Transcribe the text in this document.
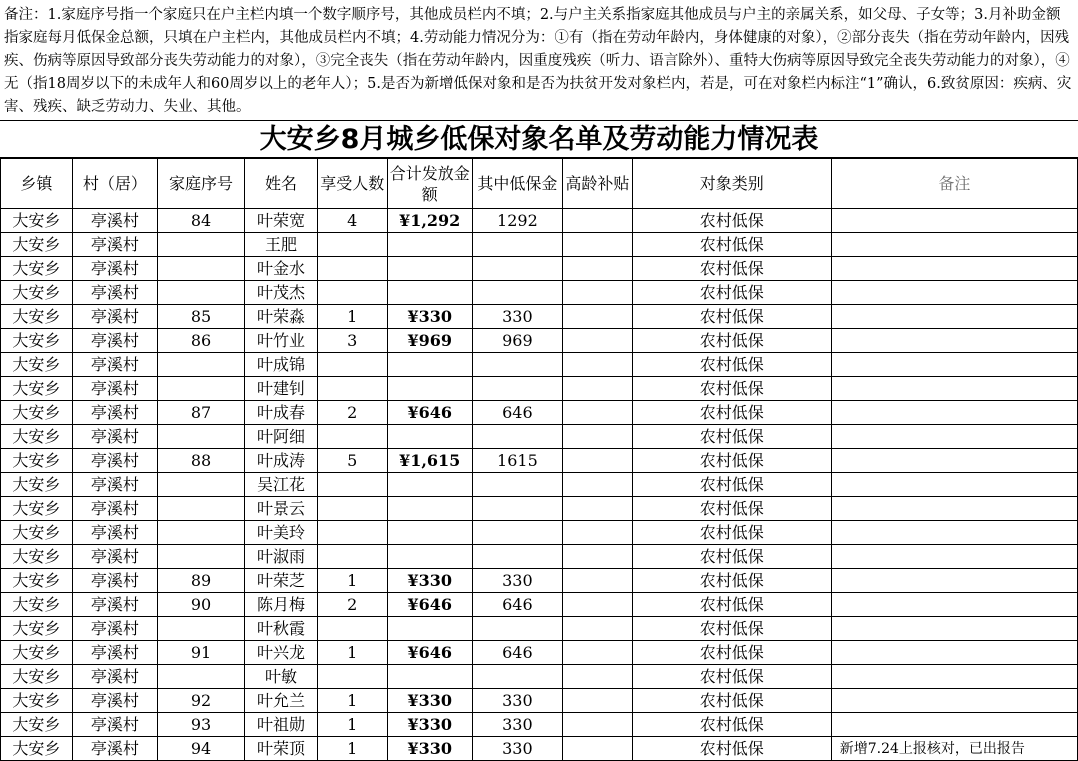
备注：1.家庭序号指一个家庭只在户主栏内填一个数字顺序号，其他成员栏内不填；2.与户主关系指家庭其他成员与户主的亲属关系，如父母、子女等；3.月补助金额指家庭每月低保金总额，只填在户主栏内，其他成员栏内不填；4.劳动能力情况分为：①有（指在劳动年龄内，身体健康的对象），②部分丧失（指在劳动年龄内，因残疾、伤病等原因导致部分丧失劳动能力的对象），③完全丧失（指在劳动年龄内，因重度残疾（听力、语言除外）、重特大伤病等原因导致完全丧失劳动能力的对象），④无（指18周岁以下的未成年人和60周岁以上的老年人）；5.是否为新增低保对象和是否为扶贫开发对象栏内，若是，可在对象栏内标注“1”确认，6.致贫原因：疾病、灾害、残疾、缺乏劳动力、失业、其他。
大安乡8月城乡低保对象名单及劳动能力情况表
乡镇	村（居）	家庭序号	姓名	享受人数	合计发放金额	其中低保金	高龄补贴	对象类别	备注
大安乡	亭溪村	84	叶荣宽	4	¥1,292	1292		农村低保	
大安乡	亭溪村		王肥					农村低保	
大安乡	亭溪村		叶金水					农村低保	
大安乡	亭溪村		叶茂杰					农村低保	
大安乡	亭溪村	85	叶荣淼	1	¥330	330		农村低保	
大安乡	亭溪村	86	叶竹业	3	¥969	969		农村低保	
大安乡	亭溪村		叶成锦					农村低保	
大安乡	亭溪村		叶建钊					农村低保	
大安乡	亭溪村	87	叶成春	2	¥646	646		农村低保	
大安乡	亭溪村		叶阿细					农村低保	
大安乡	亭溪村	88	叶成涛	5	¥1,615	1615		农村低保	
大安乡	亭溪村		吴江花					农村低保	
大安乡	亭溪村		叶景云					农村低保	
大安乡	亭溪村		叶美玲					农村低保	
大安乡	亭溪村		叶淑雨					农村低保	
大安乡	亭溪村	89	叶荣芝	1	¥330	330		农村低保	
大安乡	亭溪村	90	陈月梅	2	¥646	646		农村低保	
大安乡	亭溪村		叶秋霞					农村低保	
大安乡	亭溪村	91	叶兴龙	1	¥646	646		农村低保	
大安乡	亭溪村		叶敏					农村低保	
大安乡	亭溪村	92	叶允兰	1	¥330	330		农村低保	
大安乡	亭溪村	93	叶祖勋	1	¥330	330		农村低保	
大安乡	亭溪村	94	叶荣顶	1	¥330	330		农村低保	新增7.24上报核对，已出报告
